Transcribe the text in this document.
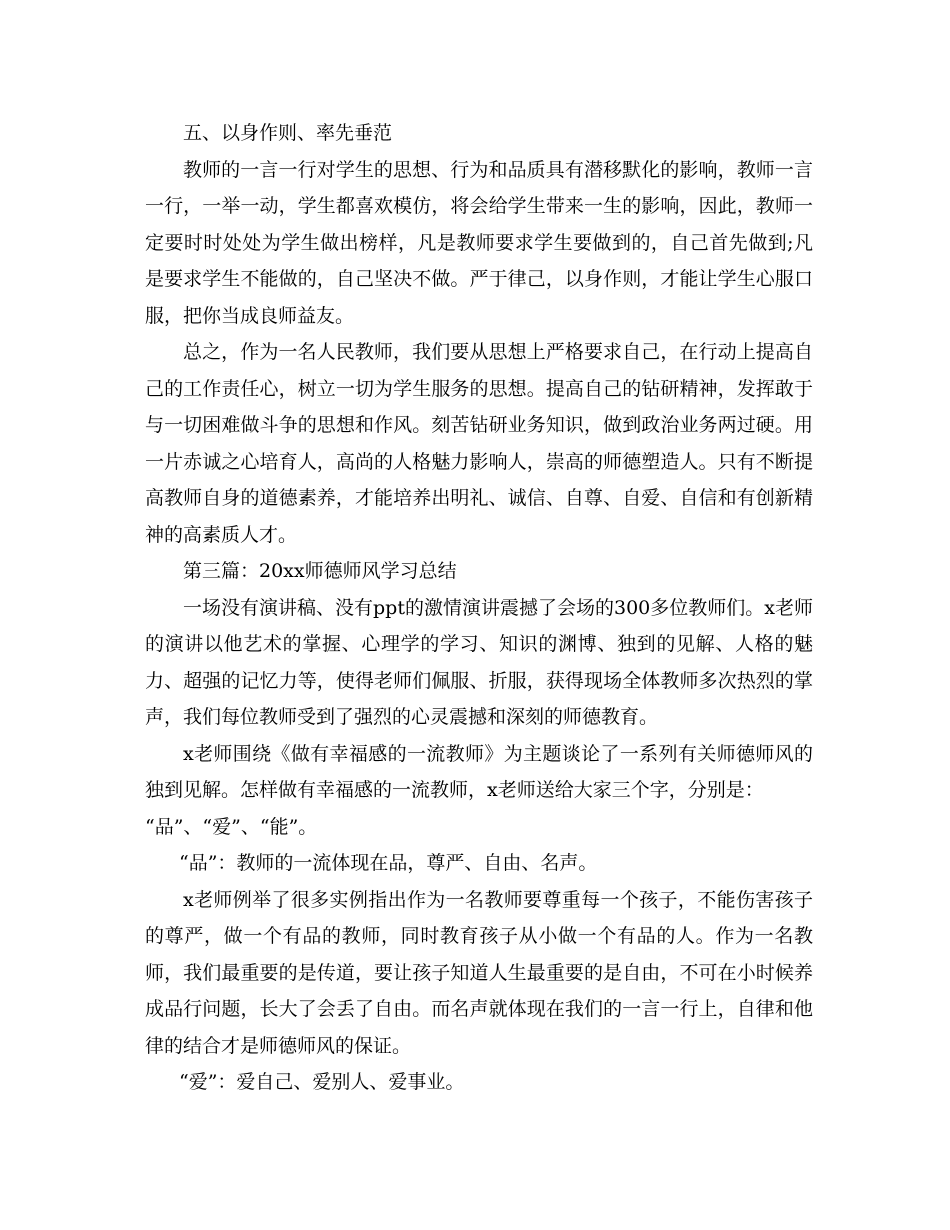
五、以身作则、率先垂范

教师的一言一行对学生的思想、行为和品质具有潜移默化的影响，教师一言一行，一举一动，学生都喜欢模仿，将会给学生带来一生的影响，因此，教师一定要时时处处为学生做出榜样，凡是教师要求学生要做到的，自己首先做到;凡是要求学生不能做的，自己坚决不做。严于律己，以身作则，才能让学生心服口服，把你当成良师益友。

总之，作为一名人民教师，我们要从思想上严格要求自己，在行动上提高自己的工作责任心，树立一切为学生服务的思想。提高自己的钻研精神，发挥敢于与一切困难做斗争的思想和作风。刻苦钻研业务知识，做到政治业务两过硬。用一片赤诚之心培育人，高尚的人格魅力影响人，崇高的师德塑造人。只有不断提高教师自身的道德素养，才能培养出明礼、诚信、自尊、自爱、自信和有创新精神的高素质人才。

第三篇：20xx师德师风学习总结

一场没有演讲稿、没有ppt的激情演讲震撼了会场的300多位教师们。x老师的演讲以他艺术的掌握、心理学的学习、知识的渊博、独到的见解、人格的魅力、超强的记忆力等，使得老师们佩服、折服，获得现场全体教师多次热烈的掌声，我们每位教师受到了强烈的心灵震撼和深刻的师德教育。

x老师围绕《做有幸福感的一流教师》为主题谈论了一系列有关师德师风的独到见解。怎样做有幸福感的一流教师，x老师送给大家三个字，分别是：

“品”、“爱”、“能”。

“品”：教师的一流体现在品，尊严、自由、名声。

x老师例举了很多实例指出作为一名教师要尊重每一个孩子，不能伤害孩子的尊严，做一个有品的教师，同时教育孩子从小做一个有品的人。作为一名教师，我们最重要的是传道，要让孩子知道人生最重要的是自由，不可在小时候养成品行问题，长大了会丢了自由。而名声就体现在我们的一言一行上，自律和他律的结合才是师德师风的保证。

“爱”：爱自己、爱别人、爱事业。
